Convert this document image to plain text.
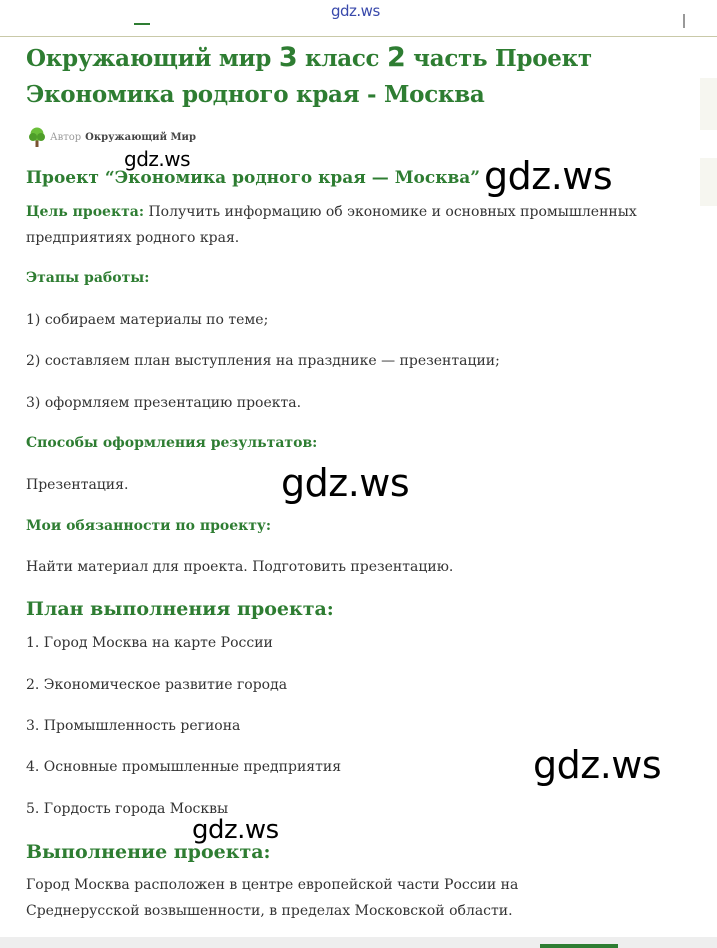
gdz.ws
Окружающий мир 3 класс 2 часть Проект Экономика родного края - Москва
Автор Окружающий Мир
Проект “Экономика родного края — Москва”

Цель проекта: Получить информацию об экономике и основных промышленных предприятиях родного края.

Этапы работы:

1) собираем материалы по теме;

2) составляем план выступления на празднике — презентации;

3) оформляем презентацию проекта.

Способы оформления результатов:

Презентация.

Мои обязанности по проекту:

Найти материал для проекта. Подготовить презентацию.

План выполнения проекта:

1. Город Москва на карте России

2. Экономическое развитие города

3. Промышленность региона

4. Основные промышленные предприятия

5. Гордость города Москвы

Выполнение проекта:

Город Москва расположен в центре европейской части России на Среднерусской возвышенности, в пределах Московской области.

gdz.ws	gdz.ws
gdz.ws
gdz.ws
gdz.ws
